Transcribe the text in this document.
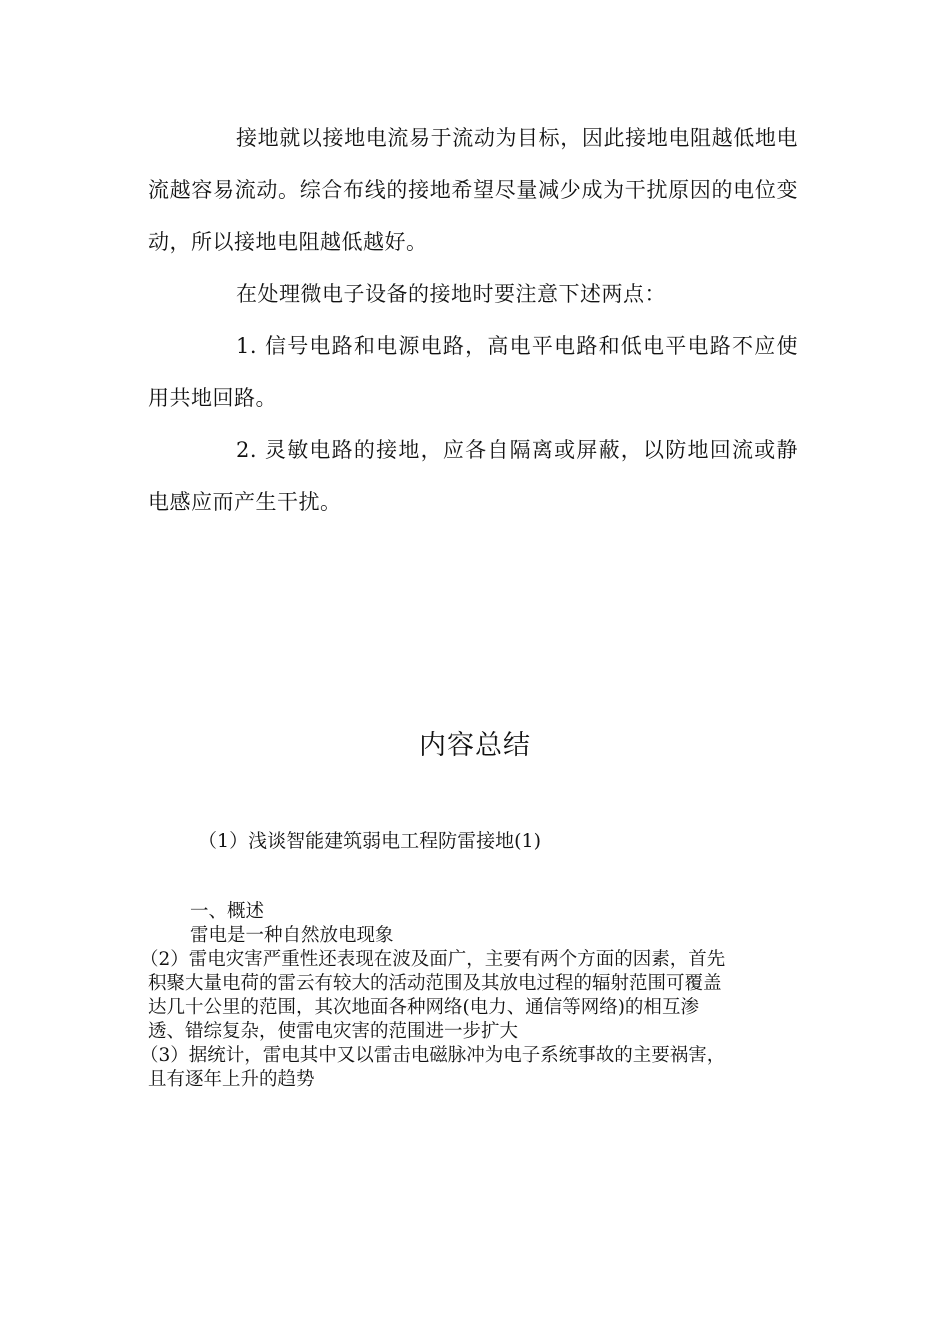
接地就以接地电流易于流动为目标，因此接地电阻越低地电流越容易流动。综合布线的接地希望尽量减少成为干扰原因的电位变动，所以接地电阻越低越好。

在处理微电子设备的接地时要注意下述两点：

1. 信号电路和电源电路，高电平电路和低电平电路不应使用共地回路。

2. 灵敏电路的接地，应各自隔离或屏蔽，以防地回流或静电感应而产生干扰。

内容总结
（1）浅谈智能建筑弱电工程防雷接地(1)

一、概述

雷电是一种自然放电现象

（2）雷电灾害严重性还表现在波及面广，主要有两个方面的因素，首先

积聚大量电荷的雷云有较大的活动范围及其放电过程的辐射范围可覆盖

达几十公里的范围，其次地面各种网络(电力、通信等网络)的相互渗

透、错综复杂，使雷电灾害的范围进一步扩大

（3）据统计，雷电其中又以雷击电磁脉冲为电子系统事故的主要祸害，

且有逐年上升的趋势
